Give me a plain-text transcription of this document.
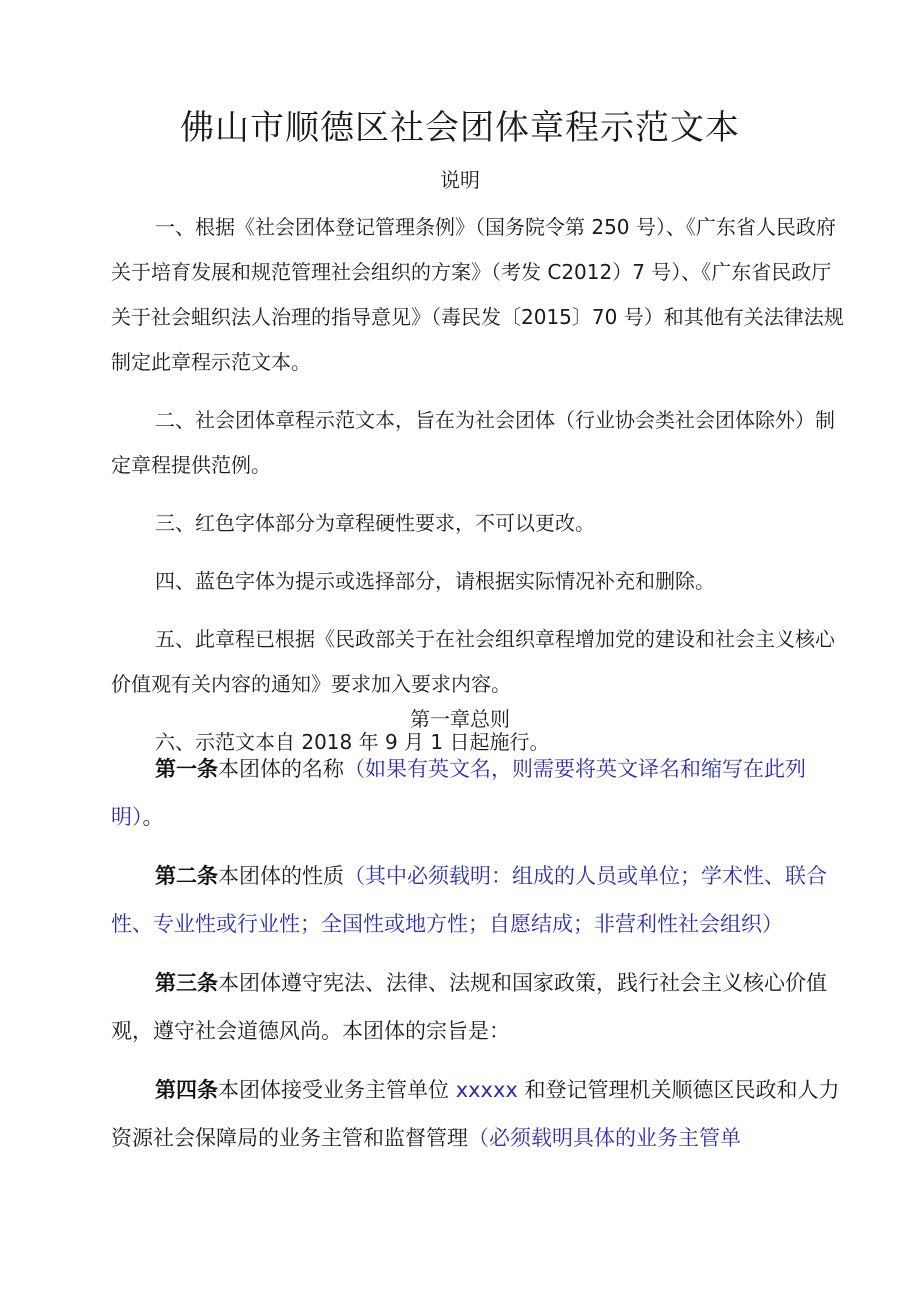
佛山市顺德区社会团体章程示范文本
说明

一、根据《社会团体登记管理条例》（国务院令第 250 号）、《广东省人民政府关于培育发展和规范管理社会组织的方案》（考发 C2012）7 号）、《广东省民政厅关于社会蛆织法人治理的指导意见》（毒民发〔2015〕70 号）和其他有关法律法规制定此章程示范文本。

二、社会团体章程示范文本，旨在为社会团体（行业协会类社会团体除外）制定章程提供范例。

三、红色字体部分为章程硬性要求，不可以更改。

四、蓝色字体为提示或选择部分，请根据实际情况补充和删除。

五、此章程已根据《民政部关于在社会组织章程增加党的建设和社会主义核心价值观有关内容的通知》要求加入要求内容。

六、示范文本自 2018 年 9 月 1 日起施行。

第一章总则

第一条本团体的名称（如果有英文名，则需要将英文译名和缩写在此列明）。

第二条本团体的性质（其中必须载明：组成的人员或单位；学术性、联合性、专业性或行业性；全国性或地方性；自愿结成；非营利性社会组织）

第三条本团体遵守宪法、法律、法规和国家政策，践行社会主义核心价值观，遵守社会道德风尚。本团体的宗旨是：

第四条本团体接受业务主管单位 xxxxx 和登记管理机关顺德区民政和人力资源社会保障局的业务主管和监督管理（必须载明具体的业务主管单
